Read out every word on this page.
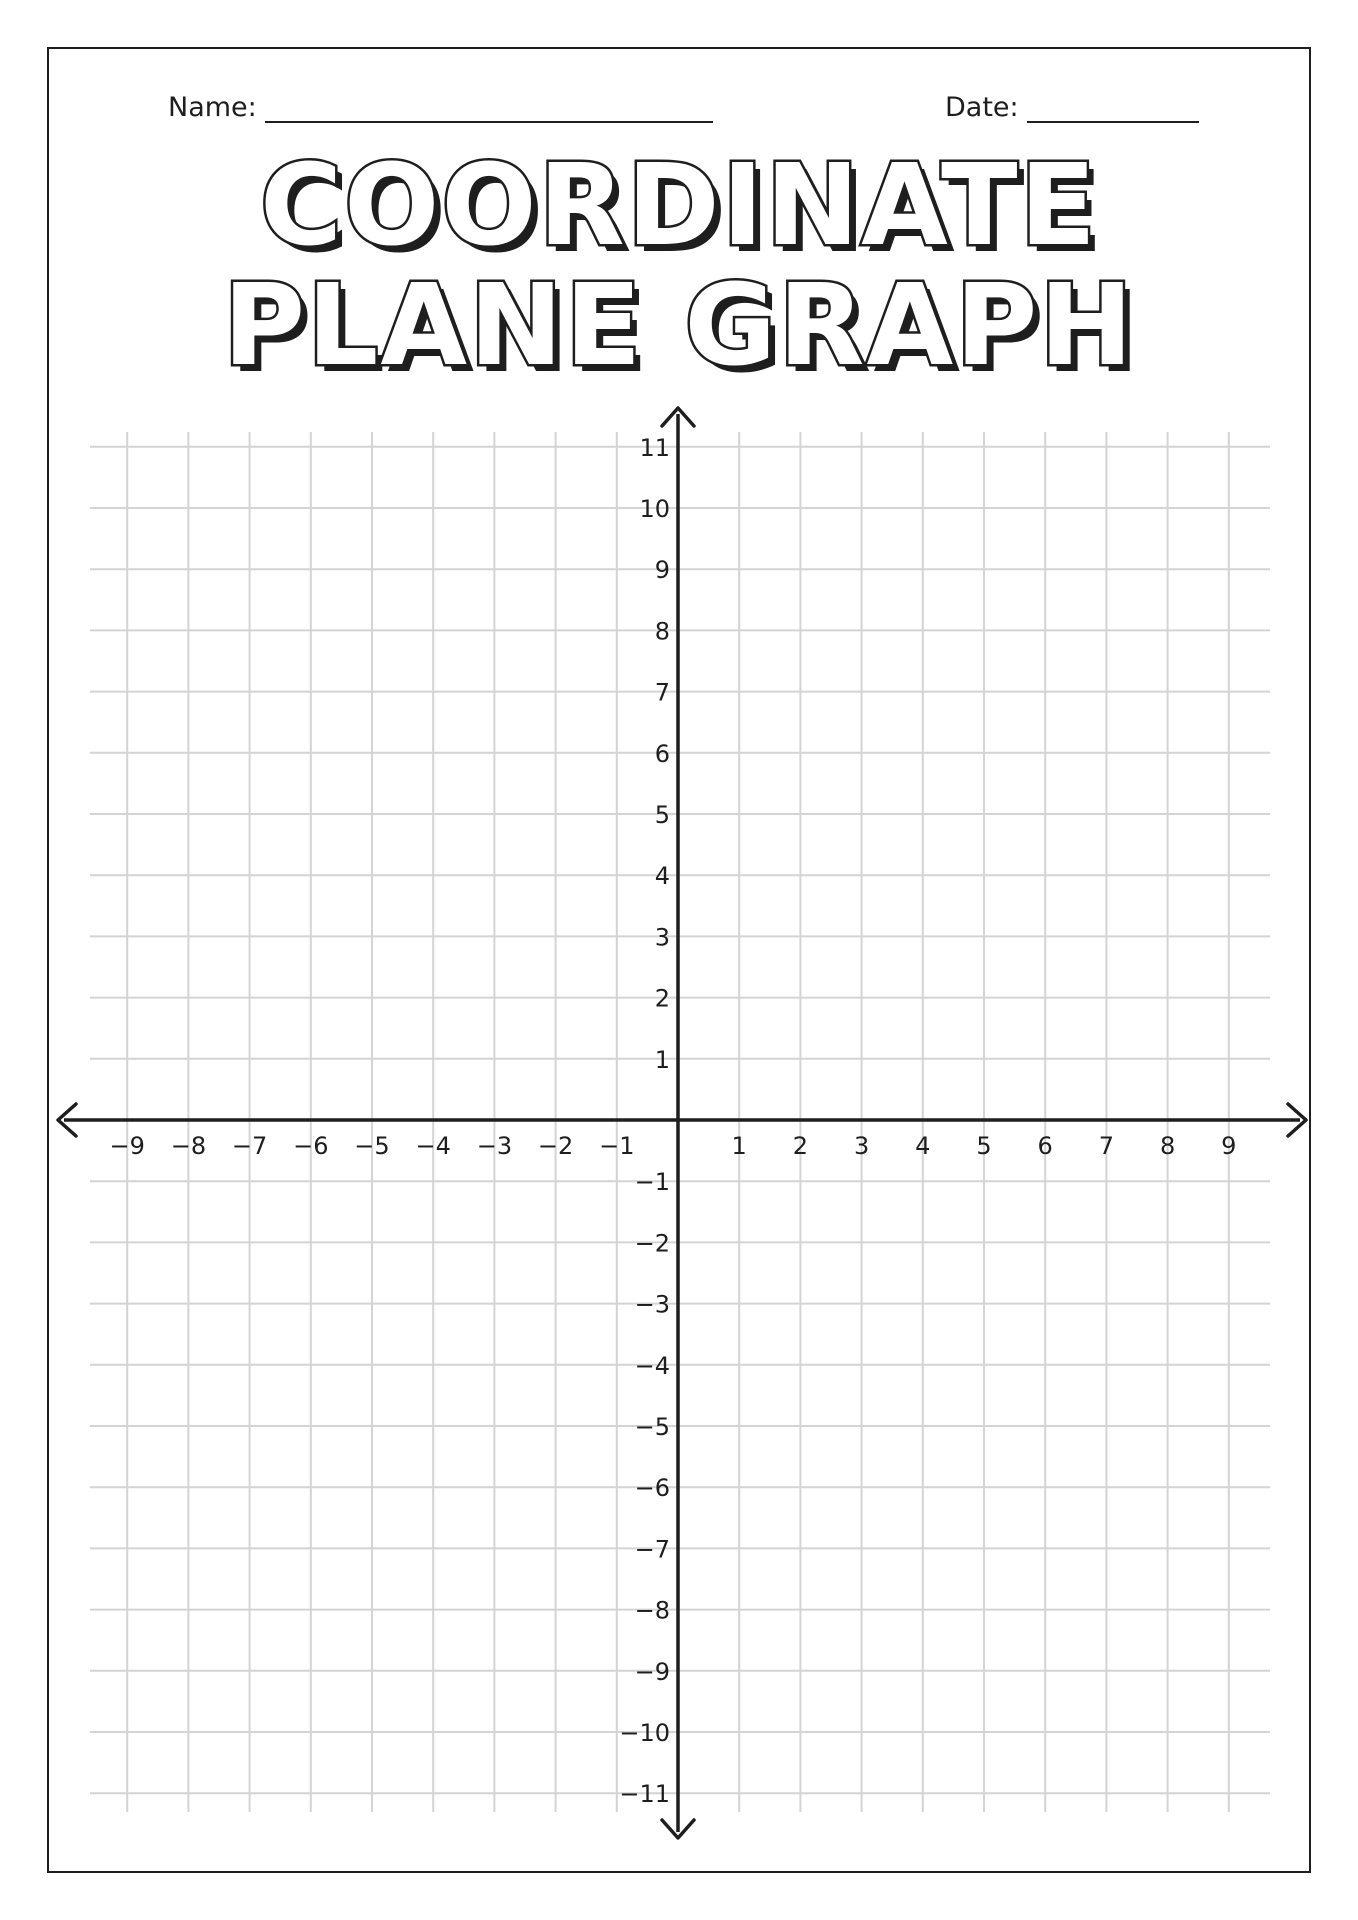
Name:	Date:
COORDINATE
PLANE GRAPH
−9 −8 −7 −6 −5 −4 −3 −2 −1	1 2 3 4 5 6 7 8 9
11
10
9
8
7
6
5
4
3
2
1
−1
−2
−3
−4
−5
−6
−7
−8
−9
−10
−11
